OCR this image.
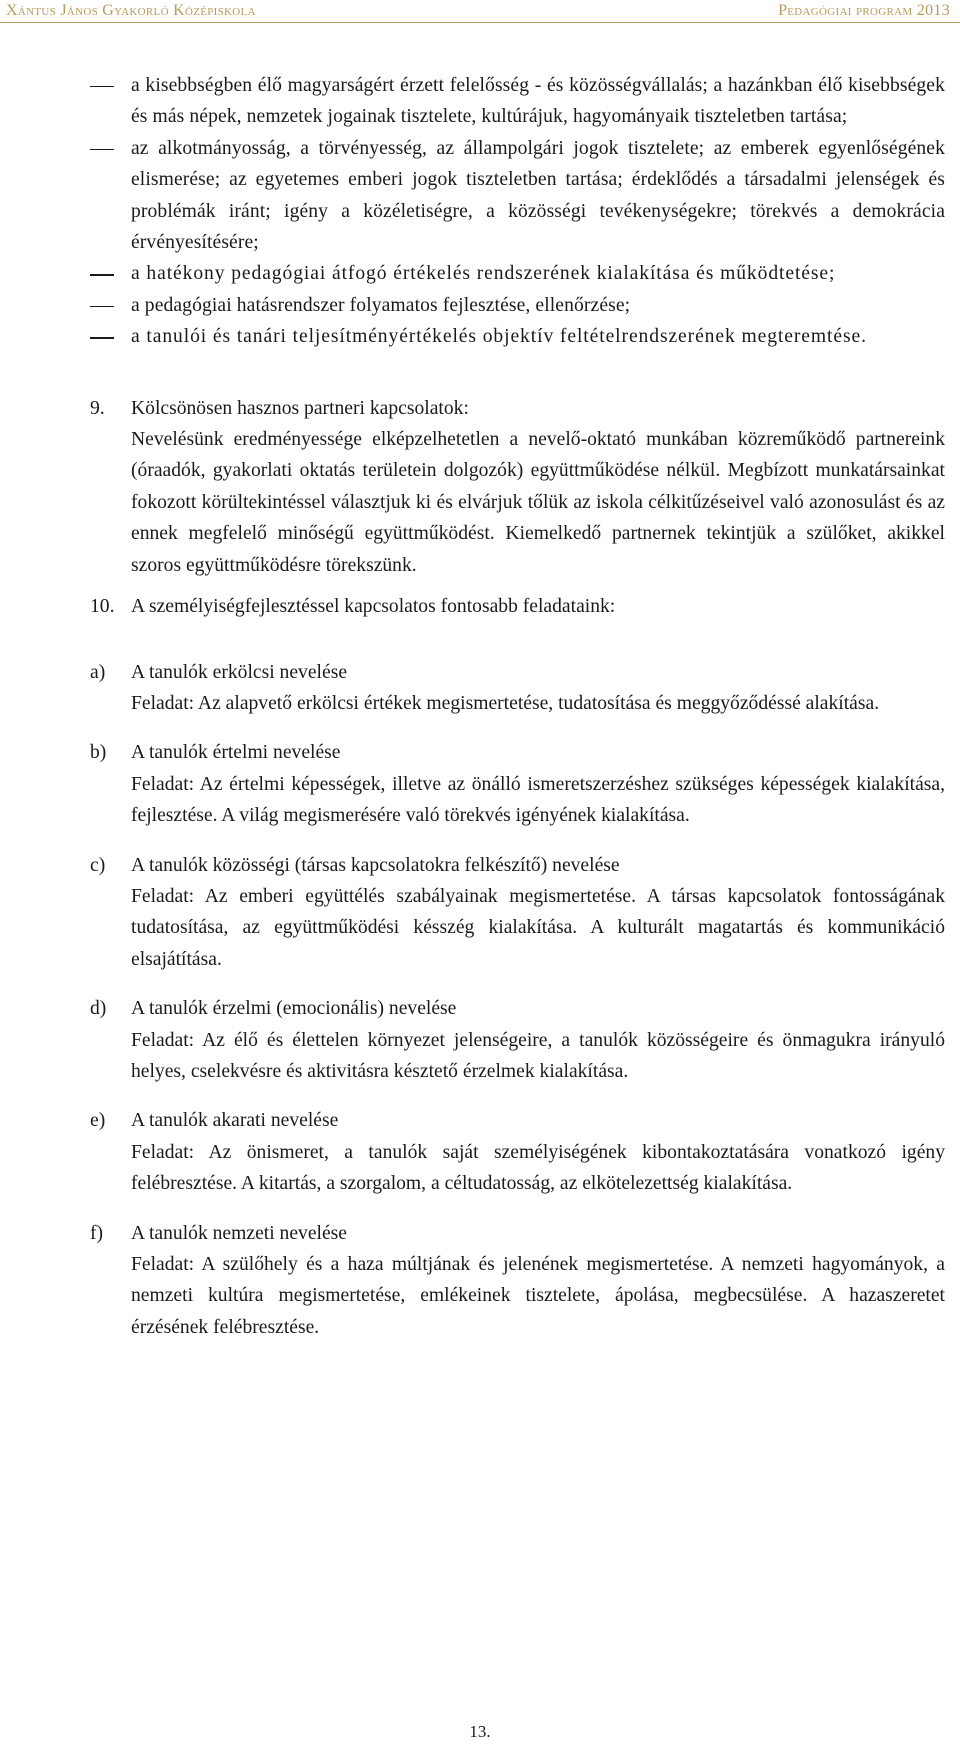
Xántus János Gyakorló Középiskola	Pedagógiai program 2013
a kisebbségben élő magyarságért érzett felelősség - és közösségvállalás; a hazánkban élő kisebbségek és más népek, nemzetek jogainak tisztelete, kultúrájuk, hagyományaik tiszteletben tartása;
az alkotmányosság, a törvényesség, az állampolgári jogok tisztelete; az emberek egyenlőségének elismerése; az egyetemes emberi jogok tiszteletben tartása; érdeklődés a társadalmi jelenségek és problémák iránt; igény a közéletiségre, a közösségi tevékenységekre; törekvés a demokrácia érvényesítésére;
a hatékony pedagógiai átfogó értékelés rendszerének kialakítása és működtetése;
a pedagógiai hatásrendszer folyamatos fejlesztése, ellenőrzése;
a tanulói és tanári teljesítményértékelés objektív feltételrendszerének megteremtése.
9. Kölcsönösen hasznos partneri kapcsolatok:
Nevelésünk eredményessége elképzelhetetlen a nevelő-oktató munkában közreműködő partnereink (óraadók, gyakorlati oktatás területein dolgozók) együttműködése nélkül. Megbízott munkatársainkat fokozott körültekintéssel választjuk ki és elvárjuk tőlük az iskola célkitűzéseivel való azonosulást és az ennek megfelelő minőségű együttműködést. Kiemelkedő partnernek tekintjük a szülőket, akikkel szoros együttműködésre törekszünk.
10. A személyiségfejlesztéssel kapcsolatos fontosabb feladataink:
a) A tanulók erkölcsi nevelése
Feladat: Az alapvető erkölcsi értékek megismertetése, tudatosítása és meggyőződéssé alakítása.
b) A tanulók értelmi nevelése
Feladat: Az értelmi képességek, illetve az önálló ismeretszerzéshez szükséges képességek kialakítása, fejlesztése. A világ megismerésére való törekvés igényének kialakítása.
c) A tanulók közösségi (társas kapcsolatokra felkészítő) nevelése
Feladat: Az emberi együttélés szabályainak megismertetése. A társas kapcsolatok fontosságának tudatosítása, az együttműködési késszég kialakítása. A kulturált magatartás és kommunikáció elsajátítása.
d) A tanulók érzelmi (emocionális) nevelése
Feladat: Az élő és élettelen környezet jelenségeire, a tanulók közösségeire és önmagukra irányuló helyes, cselekvésre és aktivitásra késztető érzelmek kialakítása.
e) A tanulók akarati nevelése
Feladat: Az önismeret, a tanulók saját személyiségének kibontakoztatására vonatkozó igény felébresztése. A kitartás, a szorgalom, a céltudatosság, az elkötelezettség kialakítása.
f) A tanulók nemzeti nevelése
Feladat: A szülőhely és a haza múltjának és jelenének megismertetése. A nemzeti hagyományok, a nemzeti kultúra megismertetése, emlékeinek tisztelete, ápolása, megbecsülése. A hazaszeretet érzésének felébresztése.
13.
